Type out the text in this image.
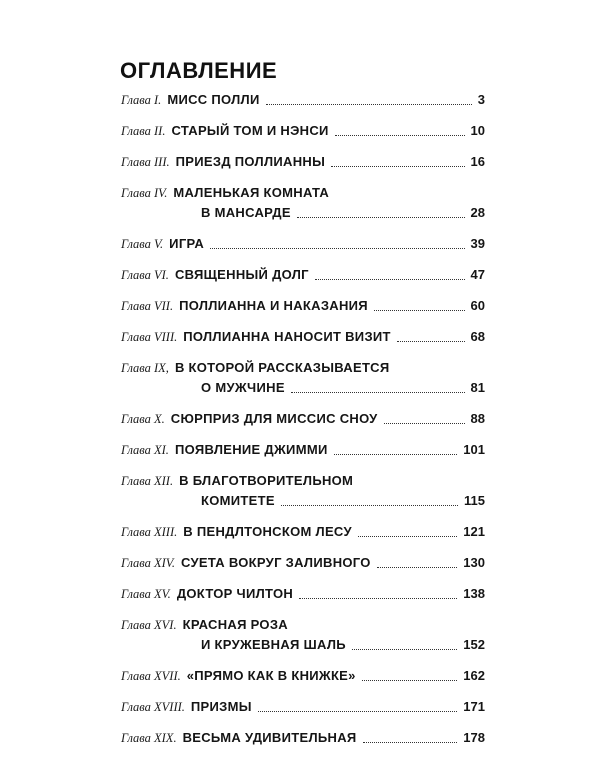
ОГЛАВЛЕНИЕ
Глава I. МИСС ПОЛЛИ	3
Глава II. СТАРЫЙ ТОМ И НЭНСИ	10
Глава III. ПРИЕЗД ПОЛЛИАННЫ	16
Глава IV. МАЛЕНЬКАЯ КОМНАТА
В МАНСАРДЕ	28
Глава V. ИГРА	39
Глава VI. СВЯЩЕННЫЙ ДОЛГ	47
Глава VII. ПОЛЛИАННА И НАКАЗАНИЯ	60
Глава VIII. ПОЛЛИАННА НАНОСИТ ВИЗИТ	68
Глава IX, В КОТОРОЙ РАССКАЗЫВАЕТСЯ
О МУЖЧИНЕ	81
Глава X. СЮРПРИЗ ДЛЯ МИССИС СНОУ	88
Глава XI. ПОЯВЛЕНИЕ ДЖИММИ	101
Глава XII. В БЛАГОТВОРИТЕЛЬНОМ
КОМИТЕТЕ	115
Глава XIII. В ПЕНДЛТОНСКОМ ЛЕСУ	121
Глава XIV. СУЕТА ВОКРУГ ЗАЛИВНОГО	130
Глава XV. ДОКТОР ЧИЛТОН	138
Глава XVI. КРАСНАЯ РОЗА
И КРУЖЕВНАЯ ШАЛЬ	152
Глава XVII. «ПРЯМО КАК В КНИЖКЕ»	162
Глава XVIII. ПРИЗМЫ	171
Глава XIX. ВЕСЬМА УДИВИТЕЛЬНАЯ	178
